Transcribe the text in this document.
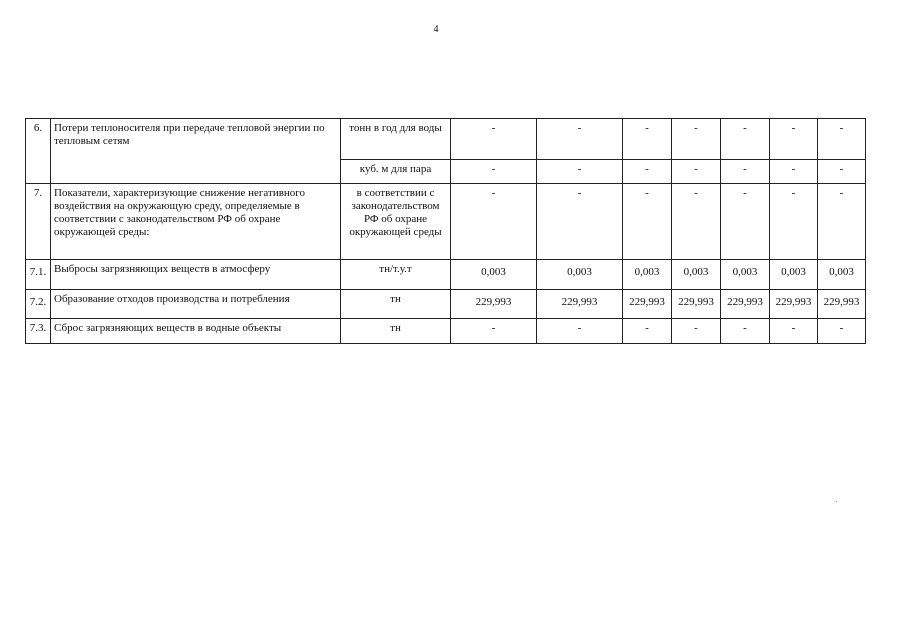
4
6.	Потери теплоносителя при передаче тепловой энергии по тепловым сетям	тонн в год для воды	-	-	-	-	-	-	-
		куб. м для пара	-	-	-	-	-	-	-
7.	Показатели, характеризующие снижение негативного воздействия на окружающую среду, определяемые в соответствии с законодательством РФ об охране окружающей среды:	в соответствии с законодательством РФ об охране окружающей среды	-	-	-	-	-	-	-
7.1.	Выбросы загрязняющих веществ в атмосферу	тн/т.у.т	0,003	0,003	0,003	0,003	0,003	0,003	0,003
7.2.	Образование отходов производства и потребления	тн	229,993	229,993	229,993	229,993	229,993	229,993	229,993
7.3.	Сброс загрязняющих веществ в водные объекты	тн	-	-	-	-	-	-	-
